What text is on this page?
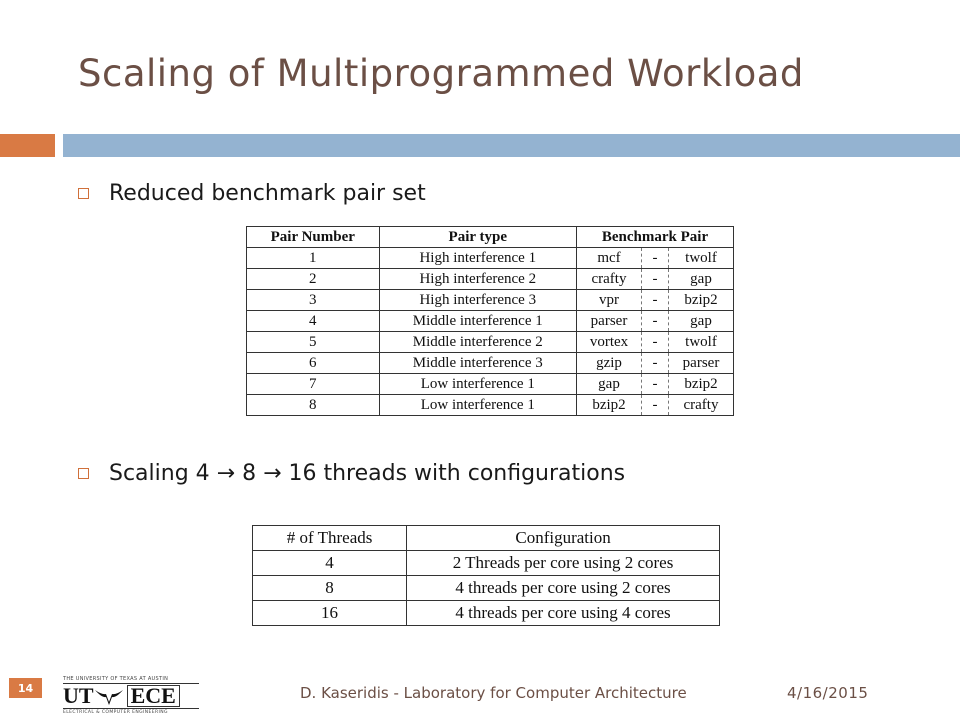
Scaling of Multiprogrammed Workload
Reduced benchmark pair set
Pair Number	Pair type	Benchmark Pair		
1	High interference 1	mcf	-	twolf
2	High interference 2	crafty	-	gap
3	High interference 3	vpr	-	bzip2
4	Middle interference 1	parser	-	gap
5	Middle interference 2	vortex	-	twolf
6	Middle interference 3	gzip	-	parser
7	Low interference 1	gap	-	bzip2
8	Low interference 1	bzip2	-	crafty
Scaling 4 → 8 → 16 threads with configurations
# of Threads	Configuration
4	2 Threads per core using 2 cores
8	4 threads per core using 2 cores
16	4 threads per core using 4 cores
14
THE UNIVERSITY OF TEXAS AT AUSTIN
UT ECE
ELECTRICAL & COMPUTER ENGINEERING
D. Kaseridis - Laboratory for Computer Architecture	4/16/2015
